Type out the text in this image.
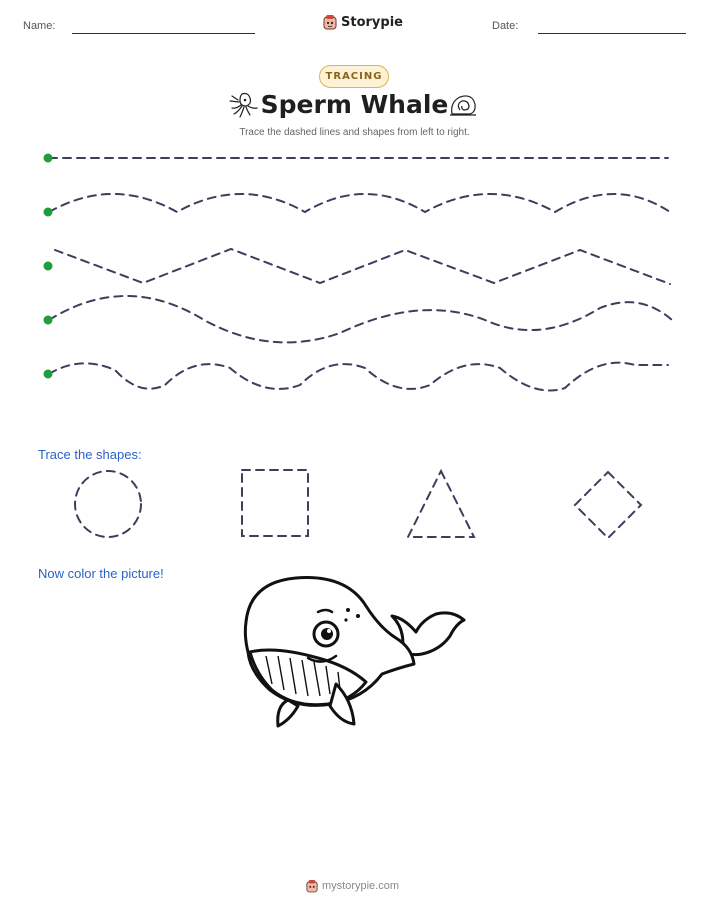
Name:	Storypie	Date:
TRACING
Sperm Whale
Trace the dashed lines and shapes from left to right.
Trace the shapes:
Now color the picture!
mystorypie.com
